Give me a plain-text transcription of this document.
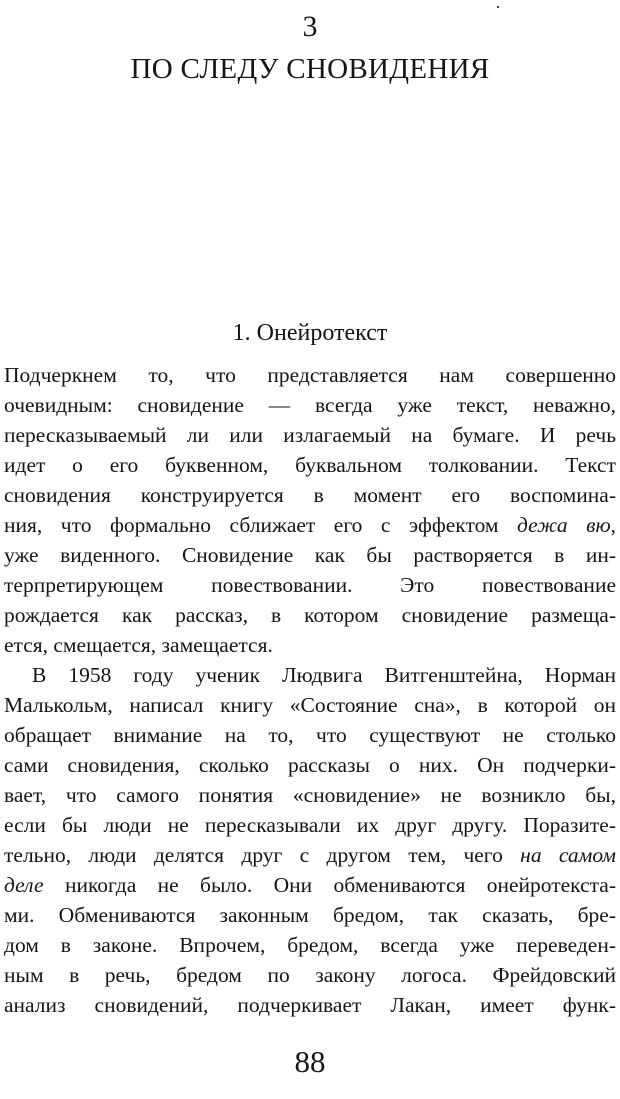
3
ПО СЛЕДУ СНОВИДЕНИЯ
1. Онейротекст
Подчеркнем то, что представляется нам совершенно
очевидным: сновидение — всегда уже текст, неважно,
пересказываемый ли или излагаемый на бумаге. И речь
идет о его буквенном, буквальном толковании. Текст
сновидения конструируется в момент его воспомина-
ния, что формально сближает его с эффектом дежа вю,
уже виденного. Сновидение как бы растворяется в ин-
терпретирующем повествовании. Это повествование
рождается как рассказ, в котором сновидение размеща-
ется, смещается, замещается.
В 1958 году ученик Людвига Витгенштейна, Норман
Малькольм, написал книгу «Состояние сна», в которой он
обращает внимание на то, что существуют не столько
сами сновидения, сколько рассказы о них. Он подчерки-
вает, что самого понятия «сновидение» не возникло бы,
если бы люди не пересказывали их друг другу. Поразите-
тельно, люди делятся друг с другом тем, чего на самом
деле никогда не было. Они обмениваются онейротекста-
ми. Обмениваются законным бредом, так сказать, бре-
дом в законе. Впрочем, бредом, всегда уже переведен-
ным в речь, бредом по закону логоса. Фрейдовский
анализ сновидений, подчеркивает Лакан, имеет функ-
88
